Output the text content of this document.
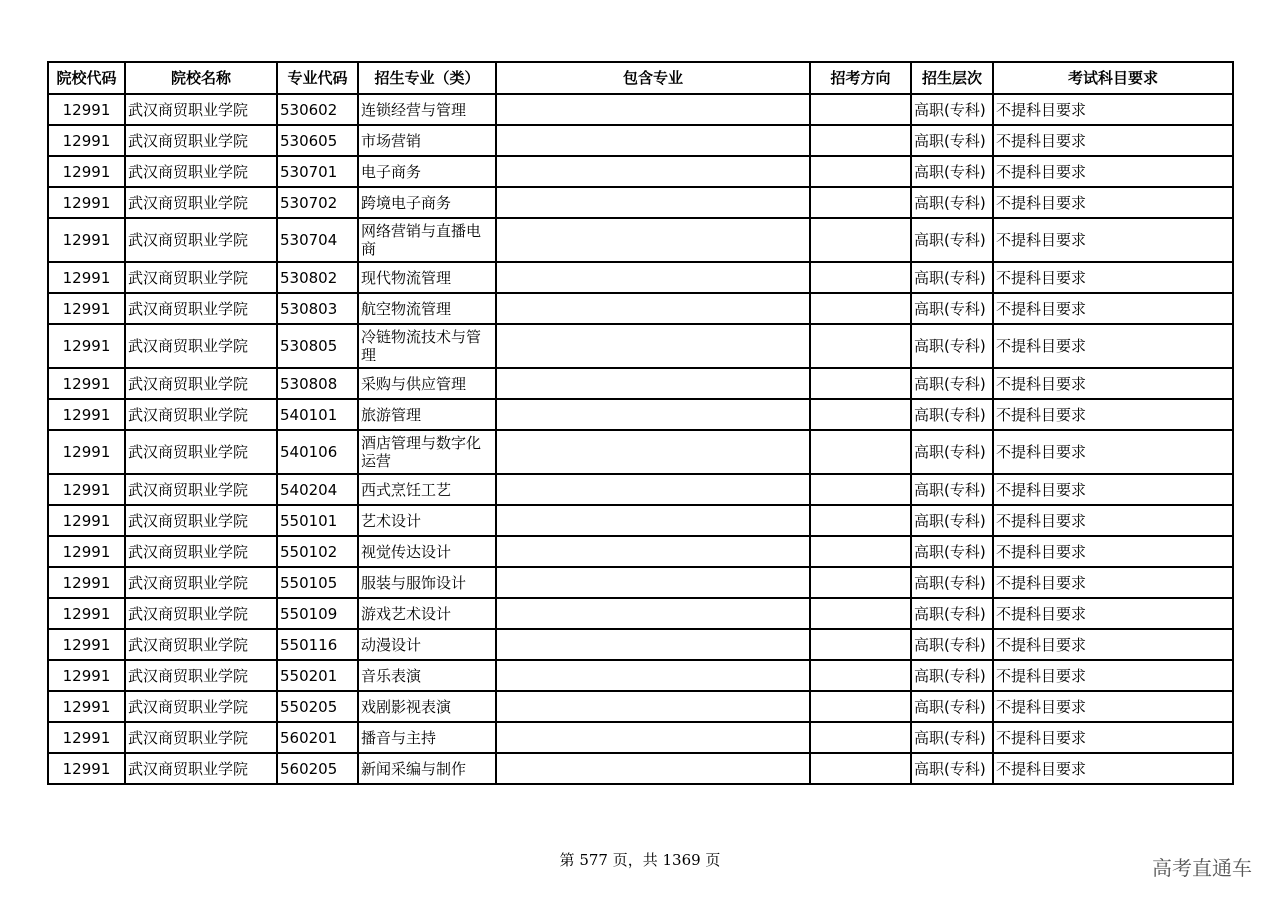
院校代码	院校名称	专业代码	招生专业（类）	包含专业	招考方向	招生层次	考试科目要求
12991	武汉商贸职业学院	530602	连锁经营与管理			高职(专科)	不提科目要求
12991	武汉商贸职业学院	530605	市场营销			高职(专科)	不提科目要求
12991	武汉商贸职业学院	530701	电子商务			高职(专科)	不提科目要求
12991	武汉商贸职业学院	530702	跨境电子商务			高职(专科)	不提科目要求
12991	武汉商贸职业学院	530704	网络营销与直播电商			高职(专科)	不提科目要求
12991	武汉商贸职业学院	530802	现代物流管理			高职(专科)	不提科目要求
12991	武汉商贸职业学院	530803	航空物流管理			高职(专科)	不提科目要求
12991	武汉商贸职业学院	530805	冷链物流技术与管理			高职(专科)	不提科目要求
12991	武汉商贸职业学院	530808	采购与供应管理			高职(专科)	不提科目要求
12991	武汉商贸职业学院	540101	旅游管理			高职(专科)	不提科目要求
12991	武汉商贸职业学院	540106	酒店管理与数字化运营			高职(专科)	不提科目要求
12991	武汉商贸职业学院	540204	西式烹饪工艺			高职(专科)	不提科目要求
12991	武汉商贸职业学院	550101	艺术设计			高职(专科)	不提科目要求
12991	武汉商贸职业学院	550102	视觉传达设计			高职(专科)	不提科目要求
12991	武汉商贸职业学院	550105	服装与服饰设计			高职(专科)	不提科目要求
12991	武汉商贸职业学院	550109	游戏艺术设计			高职(专科)	不提科目要求
12991	武汉商贸职业学院	550116	动漫设计			高职(专科)	不提科目要求
12991	武汉商贸职业学院	550201	音乐表演			高职(专科)	不提科目要求
12991	武汉商贸职业学院	550205	戏剧影视表演			高职(专科)	不提科目要求
12991	武汉商贸职业学院	560201	播音与主持			高职(专科)	不提科目要求
12991	武汉商贸职业学院	560205	新闻采编与制作			高职(专科)	不提科目要求
第 577 页，共 1369 页	高考直通车
